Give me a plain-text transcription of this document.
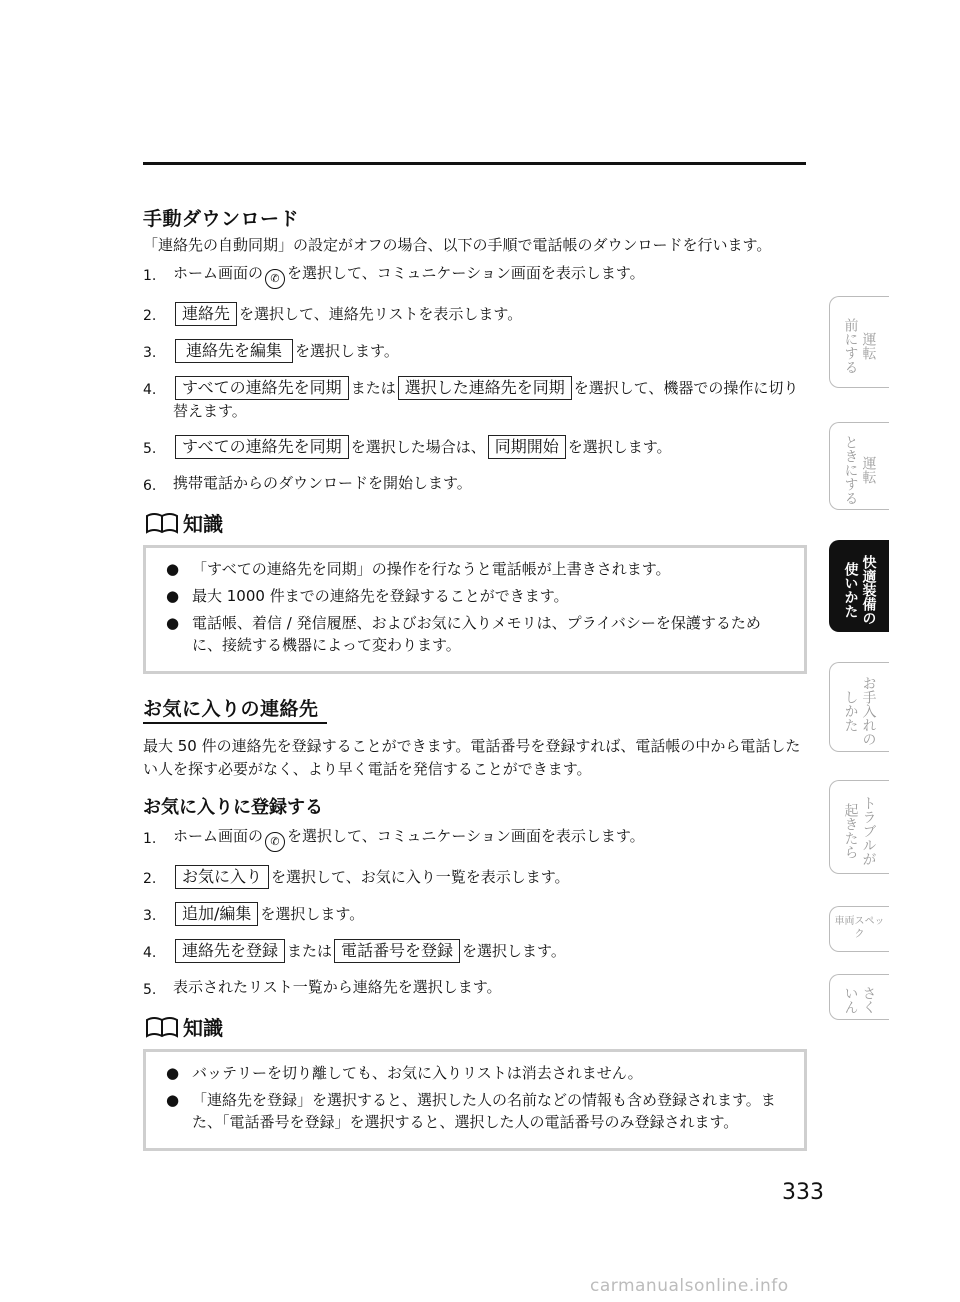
手動ダウンロード

「連絡先の自動同期」の設定がオフの場合、以下の手順で電話帳のダウンロードを行います。

1. ホーム画面の ✆ を選択して、コミュニケーション画面を表示します。
2. 連絡先 を選択して、連絡先リストを表示します。
3. 連絡先を編集 を選択します。
4. すべての連絡先を同期 または 選択した連絡先を同期 を選択して、機器での操作に切り替えます。
5. すべての連絡先を同期 を選択した場合は、 同期開始 を選択します。
6. 携帯電話からのダウンロードを開始します。
知識
● 「すべての連絡先を同期」の操作を行なうと電話帳が上書きされます。
● 最大 1000 件までの連絡先を登録することができます。
● 電話帳、着信 / 発信履歴、およびお気に入りメモリは、プライバシーを保護するために、接続する機器によって変わります。
お気に入りの連絡先

最大 50 件の連絡先を登録することができます。電話番号を登録すれば、電話帳の中から電話したい人を探す必要がなく、より早く電話を発信することができます。

お気に入りに登録する
1. ホーム画面の ✆ を選択して、コミュニケーション画面を表示します。
2. お気に入り を選択して、お気に入り一覧を表示します。
3. 追加/編集 を選択します。
4. 連絡先を登録 または 電話番号を登録 を選択します。
5. 表示されたリスト一覧から連絡先を選択します。
知識
● バッテリーを切り離しても、お気に入りリストは消去されません。
● 「連絡先を登録」を選択すると、選択した人の名前などの情報も含め登録されます。また、「電話番号を登録」を選択すると、選択した人の電話番号のみ登録されます。
運転
前にする
運転
ときにする
快適装備の
使いかた
お手入れの
しかた
トラブルが
起きたら
車両スペック
さく
いん
333
carmanualsonline.info
